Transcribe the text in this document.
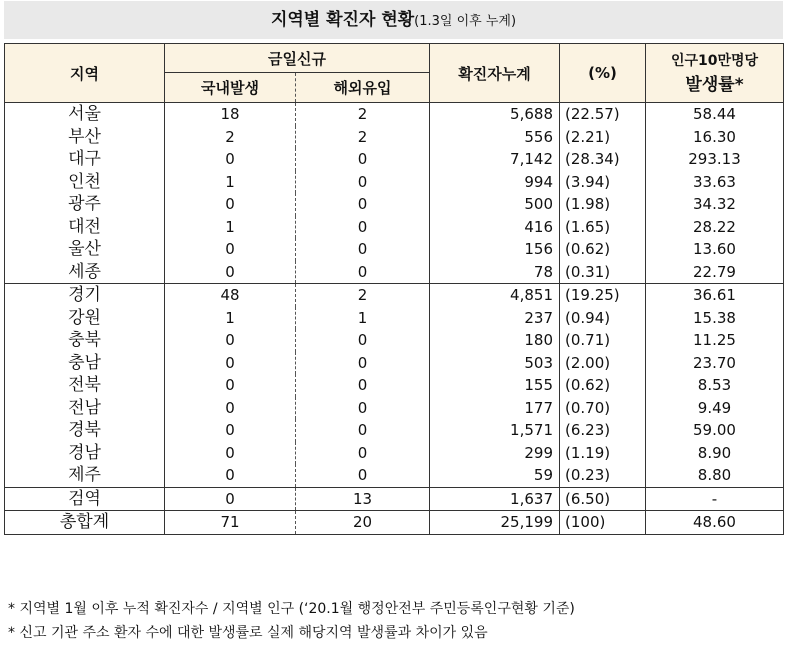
지역별 확진자 현황(1.3일 이후 누계)
지역	금일신규		확진자누계	(%)	인구10만명당
발생률*

	국내발생	해외유입			
서울	18	2	5,688	(22.57)	58.44
부산	2	2	556	(2.21)	16.30
대구	0	0	7,142	(28.34)	293.13
인천	1	0	994	(3.94)	33.63
광주	0	0	500	(1.98)	34.32
대전	1	0	416	(1.65)	28.22
울산	0	0	156	(0.62)	13.60
세종	0	0	78	(0.31)	22.79
경기	48	2	4,851	(19.25)	36.61
강원	1	1	237	(0.94)	15.38
충북	0	0	180	(0.71)	11.25
충남	0	0	503	(2.00)	23.70
전북	0	0	155	(0.62)	8.53
전남	0	0	177	(0.70)	9.49
경북	0	0	1,571	(6.23)	59.00
경남	0	0	299	(1.19)	8.90
제주	0	0	59	(0.23)	8.80
검역	0	13	1,637	(6.50)	-
총합계	71	20	25,199	(100)	48.60
* 지역별 1월 이후 누적 확진자수 / 지역별 인구 (‘20.1월 행정안전부 주민등록인구현황 기준)
* 신고 기관 주소 환자 수에 대한 발생률로 실제 해당지역 발생률과 차이가 있음
